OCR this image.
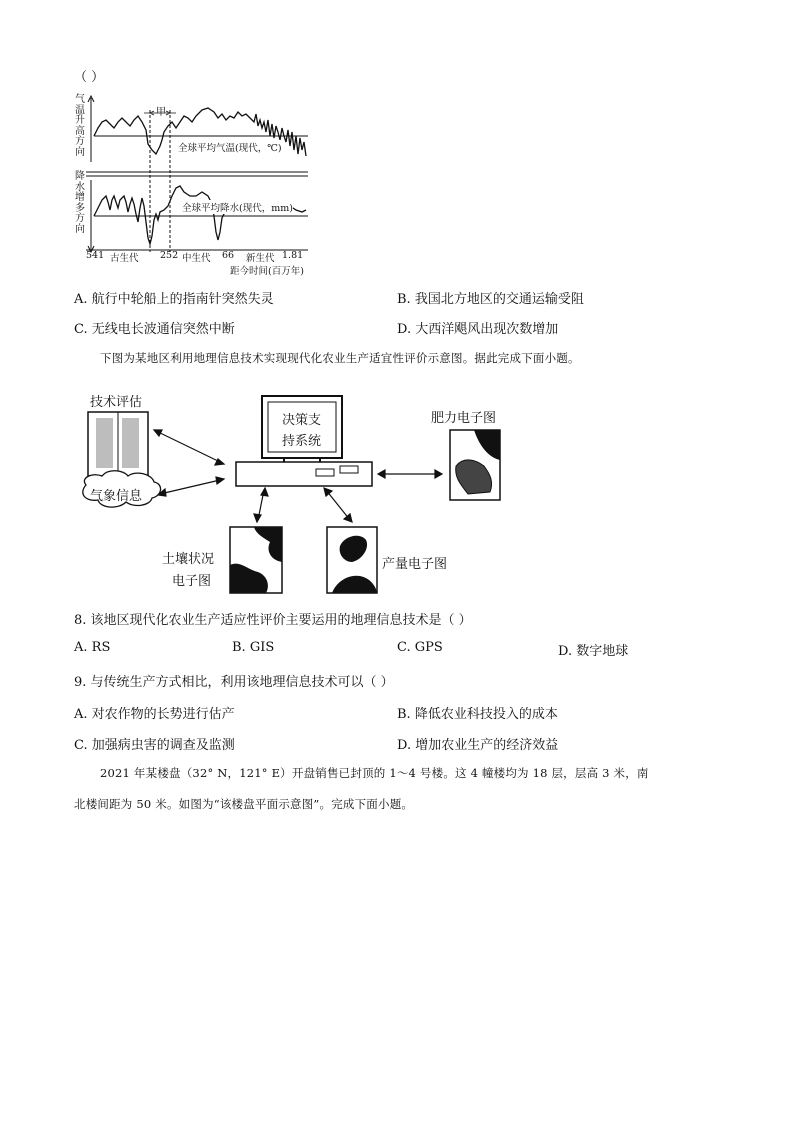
（ ）
气
温
升
高
方
向
降
水
增
多
方
向
甲
全球平均气温(现代，℃)
全球平均降水(现代，mm)
541 古生代 252 中生代 66 新生代 1.81
距今时间(百万年)
A. 航行中轮船上的指南针突然失灵	B. 我国北方地区的交通运输受阻
C. 无线电长波通信突然中断	D. 大西洋飓风出现次数增加
下图为某地区利用地理信息技术实现现代化农业生产适宜性评价示意图。据此完成下面小题。
技术评估
气象信息
决策支
持系统
肥力电子图
土壤状况
电子图
产量电子图
8. 该地区现代化农业生产适应性评价主要运用的地理信息技术是（ ）
A. RS	B. GIS	C. GPS	D. 数字地球
9. 与传统生产方式相比，利用该地理信息技术可以（ ）
A. 对农作物的长势进行估产	B. 降低农业科技投入的成本
C. 加强病虫害的调查及监测	D. 增加农业生产的经济效益
2021 年某楼盘（32° N，121° E）开盘销售已封顶的 1～4 号楼。这 4 幢楼均为 18 层，层高 3 米，南
北楼间距为 50 米。如图为“该楼盘平面示意图”。完成下面小题。
